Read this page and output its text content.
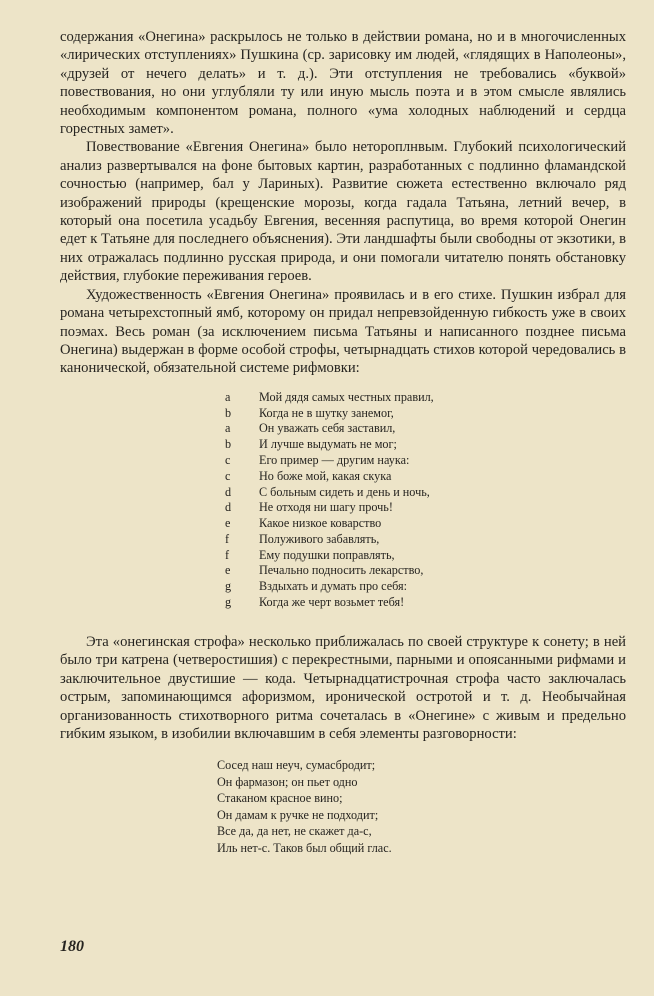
содержания «Онегина» раскрылось не только в действии романа, но и в многочисленных «лирических отступлениях» Пушкина (ср. зарисовку им людей, «глядящих в Наполеоны», «друзей от нечего делать» и т. д.). Эти отступления не требовались «буквой» повествования, но они углубляли ту или иную мысль поэта и в этом смысле являлись необходимым компонентом романа, полного «ума холодных наблюдений и сердца горестных замет».

Повествование «Евгения Онегина» было нетороплнвым. Глубокий психологический анализ развертывался на фоне бытовых картин, разработанных с подлинно фламандской сочностью (например, бал у Лариных). Развитие сюжета естественно включало ряд изображений природы (крещенские морозы, когда гадала Татьяна, летний вечер, в который она посетила усадьбу Евгения, весенняя распутица, во время которой Онегин едет к Татьяне для последнего объяснения). Эти ландшафты были свободны от экзотики, в них отражалась подлинно русская природа, и они помогали читателю понять обстановку действия, глубокие переживания героев.

Художественность «Евгения Онегина» проявилась и в его стихе. Пушкин избрал для романа четырехстопный ямб, которому он придал непревзойденную гибкость уже в своих поэмах. Весь роман (за исключением письма Татьяны и написанного позднее письма Онегина) выдержан в форме особой строфы, четырнадцать стихов которой чередовались в канонической, обязательной системе рифмовки:

a	Мой дядя самых честных правил,
b	Когда не в шутку занемог,
a	Он уважать себя заставил,
b	И лучше выдумать не мог;
c	Его пример — другим наука:
c	Но боже мой, какая скука
d	С больным сидеть и день и ночь,
d	Не отходя ни шагу прочь!
e	Какое низкое коварство
f	Полуживого забавлять,
f	Ему подушки поправлять,
e	Печально подносить лекарство,
g	Вздыхать и думать про себя:
g	Когда же черт возьмет тебя!

Эта «онегинская строфа» несколько приближалась по своей структуре к сонету; в ней было три катрена (четверостишия) с перекрестными, парными и опоясанными рифмами и заключительное двустишие — кода. Четырнадцатистрочная строфа часто заключалась острым, запоминающимся афоризмом, иронической остротой и т. д. Необычайная организованность стихотворного ритма сочеталась в «Онегине» с живым и предельно гибким языком, в изобилии включавшим в себя элементы разговорности:

Сосед наш неуч, сумасбродит;
Он фармазон; он пьет одно
Стаканом красное вино;
Он дамам к ручке не подходит;
Все да, да нет, не скажет да-с,
Иль нет-с. Таков был общий глас.
180
